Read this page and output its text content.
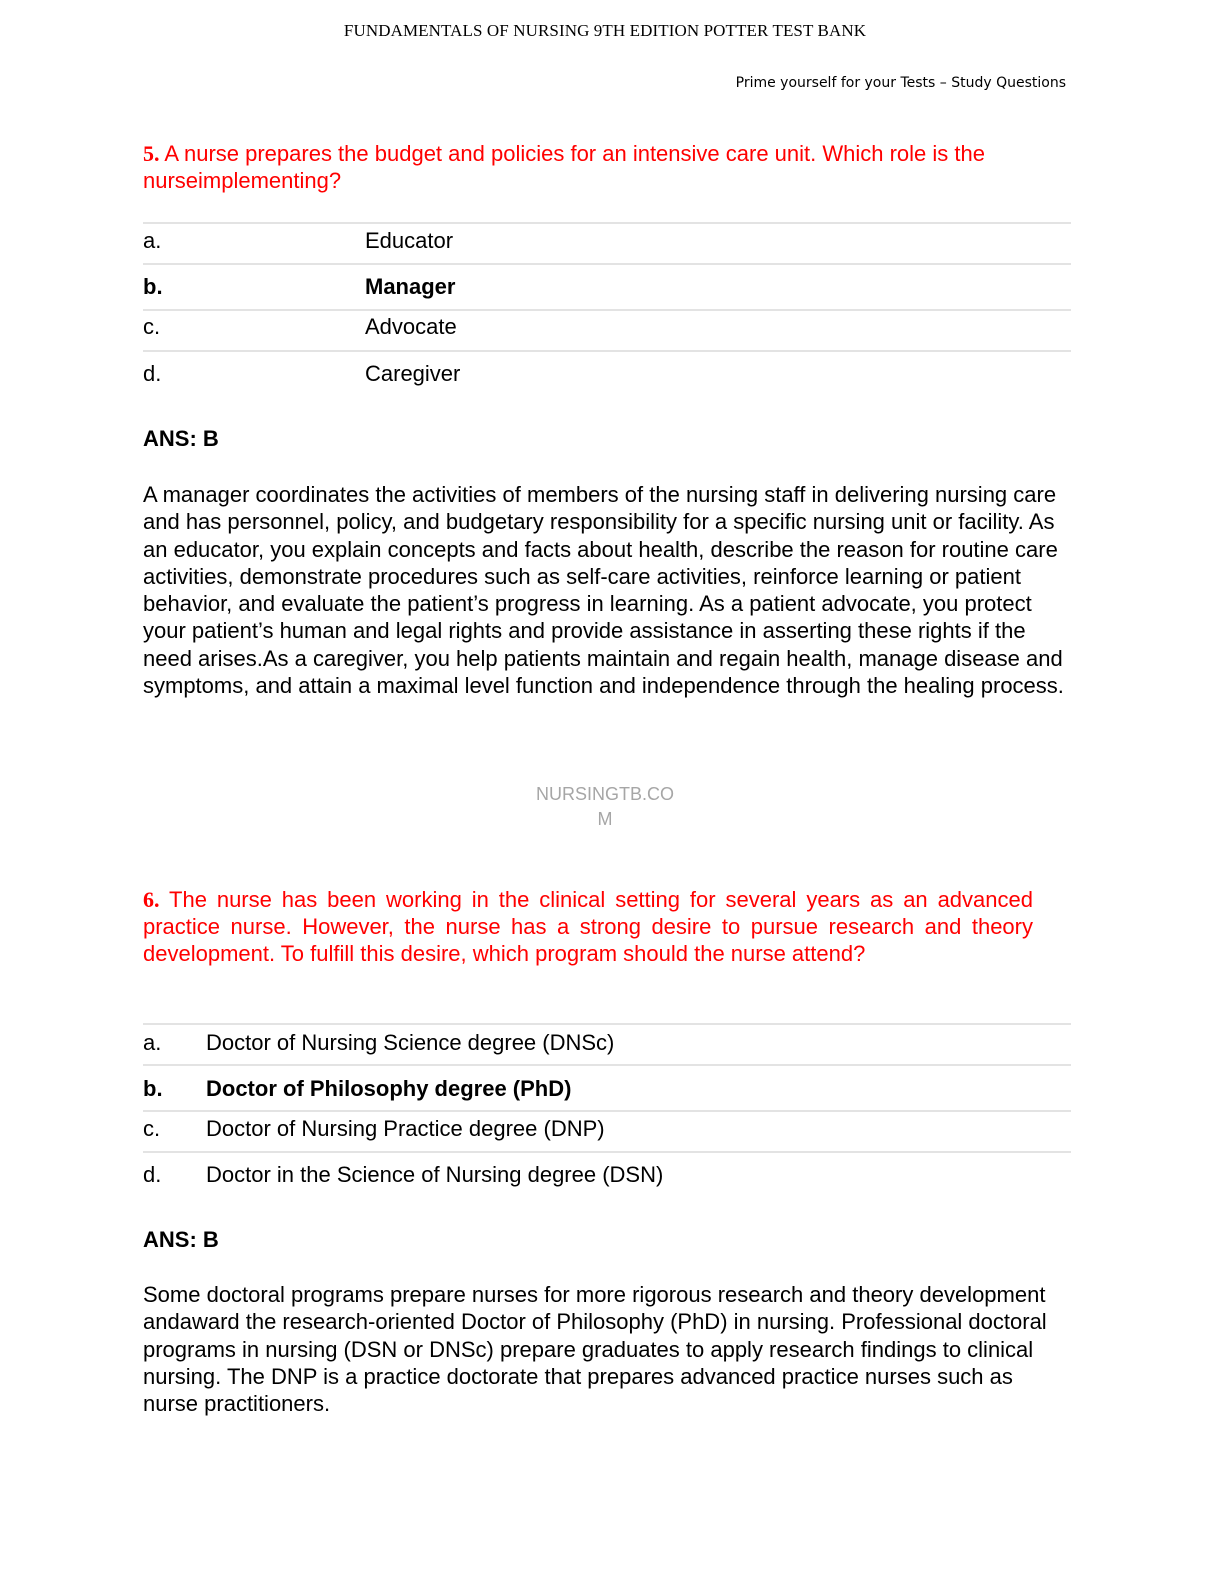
FUNDAMENTALS OF NURSING 9TH EDITION POTTER TEST BANK
Prime yourself for your Tests – Study Questions
5. A nurse prepares the budget and policies for an intensive care unit. Which role is the nurseimplementing?
a.	Educator
b.	Manager
c.	Advocate
d.	Caregiver
ANS: B
A manager coordinates the activities of members of the nursing staff in delivering nursing care and has personnel, policy, and budgetary responsibility for a specific nursing unit or facility. As an educator, you explain concepts and facts about health, describe the reason for routine care activities, demonstrate procedures such as self-care activities, reinforce learning or patient behavior, and evaluate the patient’s progress in learning. As a patient advocate, you protect your patient’s human and legal rights and provide assistance in asserting these rights if the need arises.As a caregiver, you help patients maintain and regain health, manage disease and symptoms, and attain a maximal level function and independence through the healing process.
NURSINGTB.CO
M
6. The nurse has been working in the clinical setting for several years as an advanced practice nurse. However, the nurse has a strong desire to pursue research and theory development. To fulfill this desire, which program should the nurse attend?
a. Doctor of Nursing Science degree (DNSc)
b. Doctor of Philosophy degree (PhD)
c. Doctor of Nursing Practice degree (DNP)
d. Doctor in the Science of Nursing degree (DSN)
ANS: B
Some doctoral programs prepare nurses for more rigorous research and theory development andaward the research-oriented Doctor of Philosophy (PhD) in nursing. Professional doctoral programs in nursing (DSN or DNSc) prepare graduates to apply research findings to clinical nursing. The DNP is a practice doctorate that prepares advanced practice nurses such as nurse practitioners.
